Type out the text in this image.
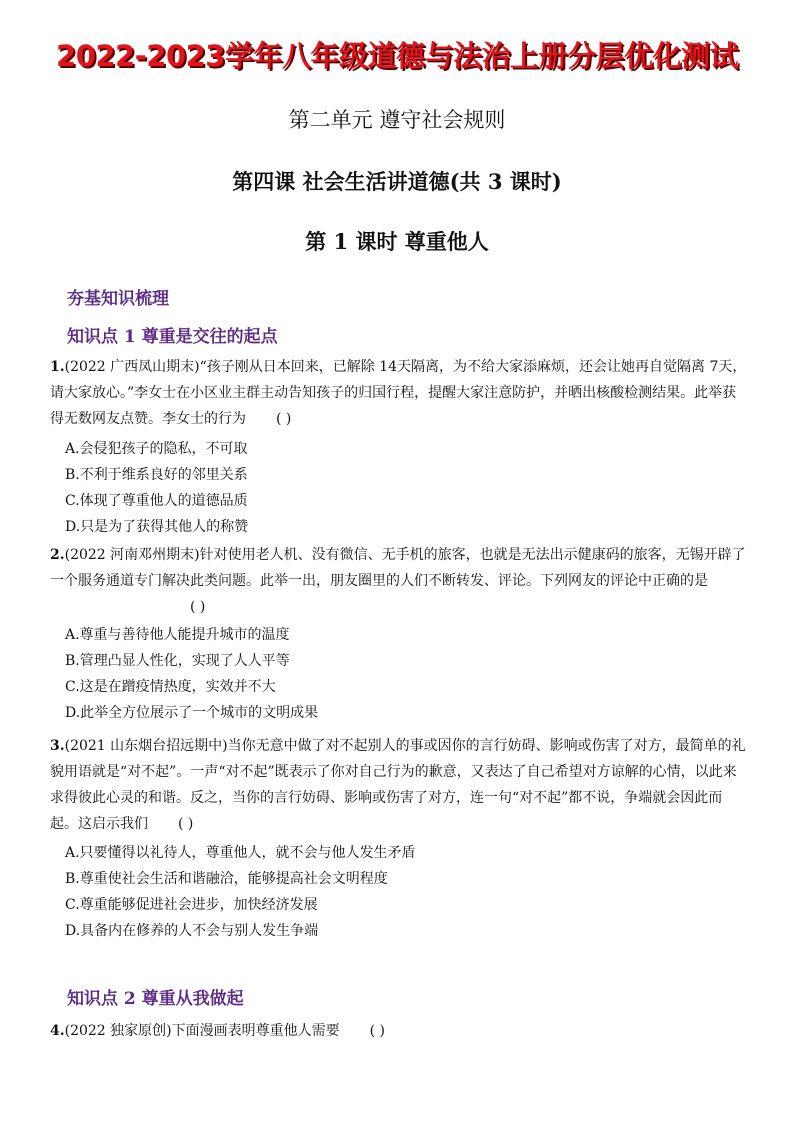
2022-2023学年八年级道德与法治上册分层优化测试
第二单元 遵守社会规则
第四课 社会生活讲道德(共 3 课时)
第 1 课时 尊重他人
夯基知识梳理
知识点 1 尊重是交往的起点
1.(2022 广西凤山期末)“孩子刚从日本回来，已解除 14天隔离，为不给大家添麻烦，还会让她再自觉隔离 7天，请大家放心。”李女士在小区业主群主动告知孩子的归国行程，提醒大家注意防护，并晒出核酸检测结果。此举获得无数网友点赞。李女士的行为 ( )
A.会侵犯孩子的隐私，不可取
B.不利于维系良好的邻里关系
C.体现了尊重他人的道德品质
D.只是为了获得其他人的称赞
2.(2022 河南邓州期末)针对使用老人机、没有微信、无手机的旅客，也就是无法出示健康码的旅客，无锡开辟了一个服务通道专门解决此类问题。此举一出，朋友圈里的人们不断转发、评论。下列网友的评论中正确的是
( )
A.尊重与善待他人能提升城市的温度
B.管理凸显人性化，实现了人人平等
C.这是在蹭疫情热度，实效并不大
D.此举全方位展示了一个城市的文明成果
3.(2021 山东烟台招远期中)当你无意中做了对不起别人的事或因你的言行妨碍、影响或伤害了对方，最简单的礼貌用语就是“对不起”。一声“对不起”既表示了你对自己行为的歉意，又表达了自己希望对方谅解的心情，以此来求得彼此心灵的和谐。反之，当你的言行妨碍、影响或伤害了对方，连一句“对不起”都不说，争端就会因此而起。这启示我们 ( )
A.只要懂得以礼待人，尊重他人，就不会与他人发生矛盾
B.尊重使社会生活和谐融洽，能够提高社会文明程度
C.尊重能够促进社会进步，加快经济发展
D.具备内在修养的人不会与别人发生争端
知识点 2 尊重从我做起
4.(2022 独家原创)下面漫画表明尊重他人需要 ( )
